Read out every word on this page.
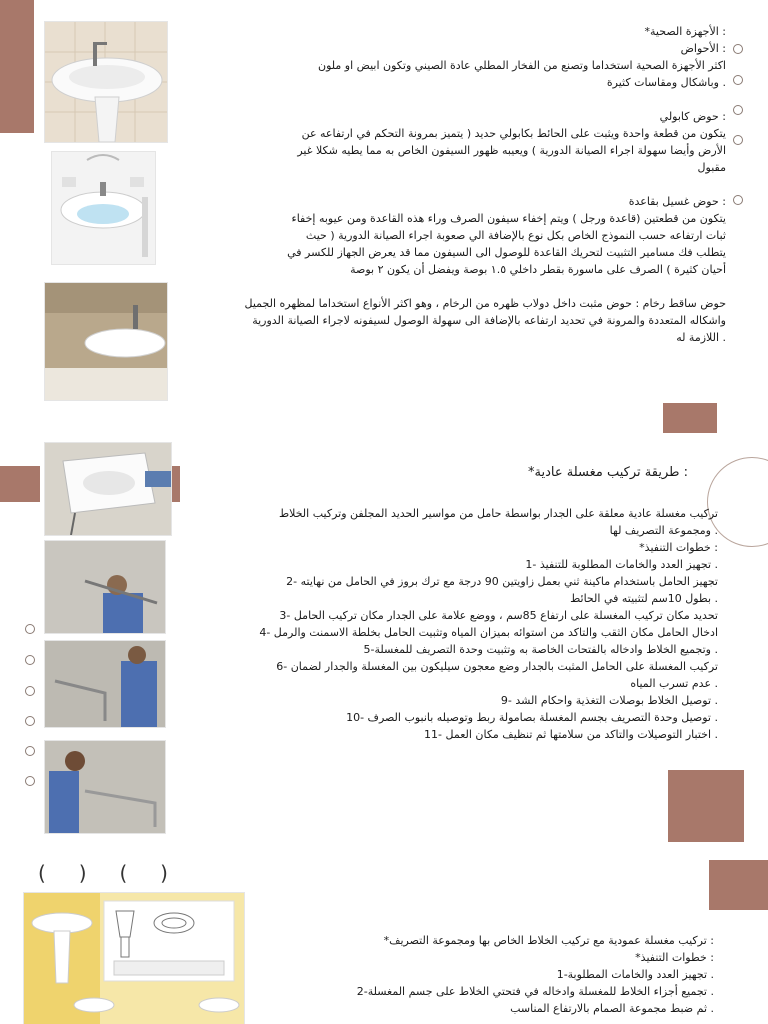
: الأجهزة الصحية*

: الأحواض

اكثر الأجهزة الصحية استخداما وتصنع من الفخار المطلي عادة الصيني وتكون ابيض او ملون

. وباشكال ومقاسات كثيرة

: حوض كابولي

يتكون من قطعة واحدة ويثبت على الحائط بكابولي حديد ( يتميز بمرونة التحكم في ارتفاعه عن

الأرض وأيضا سهولة اجراء الصيانة الدورية ) ويعيبه ظهور السيفون الخاص به مما يطيه شكلا غير

مقبول

: حوض غسيل بقاعدة

يتكون من قطعتين (قاعدة ورجل ) ويتم إخفاء سيفون الصرف وراء هذه القاعدة ومن عيوبه إخفاء

ثبات ارتفاعه حسب النموذج الخاص بكل نوع بالإضافة الي صعوبة اجراء الصيانة الدورية ( حيث

يتطلب فك مسامير التثبيت لتحريك القاعدة للوصول الى السيفون مما قد يعرض الجهاز للكسر في

أحيان كثيرة ) الصرف على ماسورة بقطر داخلي ١.٥ بوصة ويفضل أن يكون ٢ بوصة

حوض ساقط رخام : حوض مثبت داخل دولاب ظهره من الرخام ، وهو اكثر الأنواع استخداما لمظهره الجميل

واشكاله المتعددة والمرونة في تحديد ارتفاعه بالإضافة الى سهولة الوصول لسيفونه لاجراء الصيانة الدورية

. اللازمة له

: طريقة تركيب مغسلة عادية*

تركيب مغسلة عادية معلقة على الجدار بواسطة حامل من مواسير الحديد المجلفن وتركيب الخلاط

. ومجموعة التصريف لها

: خطوات التنفيذ*

. تجهيز العدد والخامات المطلوبة للتنفيذ -1

تجهيز الحامل باستخدام ماكينة ثني بعمل زاويتين 90 درجة مع ترك بروز في الحامل من نهايته -2

. بطول 10سم لتثبيته في الحائط

تحديد مكان تركيب المغسلة على ارتفاع 85سم ، ووضع علامة على الجدار مكان تركيب الحامل -3

ادخال الحامل مكان الثقب والتاكد من استوائه بميزان المياه وتثبيت الحامل بخلطة الاسمنت والرمل -4

. وتجميع الخلاط وادخاله بالفتحات الخاصة به وتثبيت وحدة التصريف للمغسلة-5

تركيب المغسلة على الحامل المثبت بالجدار وضع معجون سيليكون بين المغسلة والجدار لضمان -6

. عدم تسرب المياه

. توصيل الخلاط بوصلات التغذية واحكام الشد -9

. توصيل وحدة التصريف بجسم المغسلة بصامولة ربط وتوصيله بانبوب الصرف -10

. اختبار التوصيلات والتاكد من سلامتها ثم تنظيف مكان العمل -11

( ) ( )

: تركيب مغسلة عمودية مع تركيب الخلاط الخاص بها ومجموعة التصريف*

: خطوات التنفيذ*

. تجهيز العدد والخامات المطلوبة-1

. تجميع أجزاء الخلاط للمغسلة وادخاله في فتحتي الخلاط على جسم المغسلة-2

. ثم ضبط مجموعة الصمام بالارتفاع المناسب
